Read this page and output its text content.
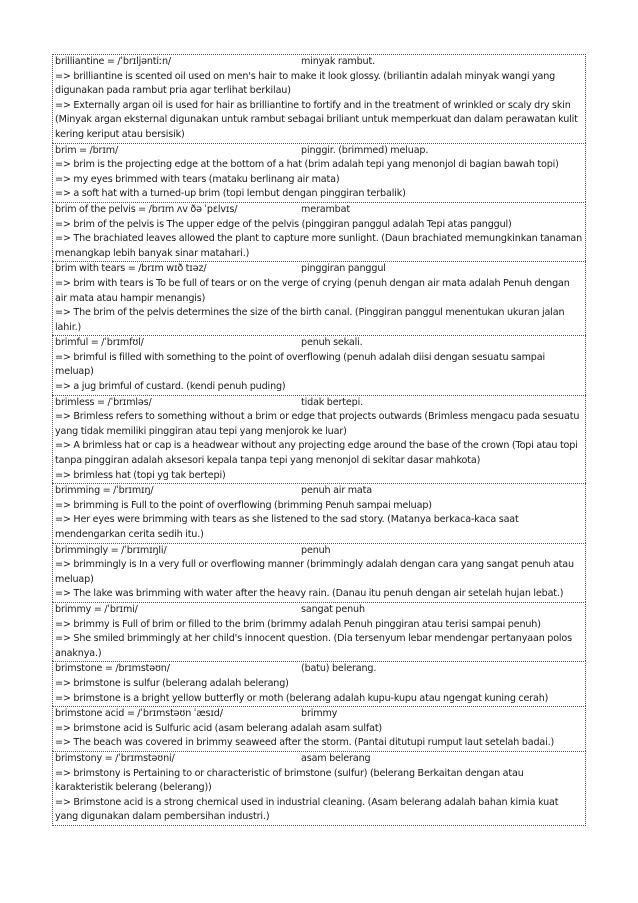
brilliantine = /ˈbrɪljəntiːn/	minyak rambut.

=> brilliantine is scented oil used on men's hair to make it look glossy. (briliantin adalah minyak wangi yang digunakan pada rambut pria agar terlihat berkilau)

=> Externally argan oil is used for hair as brilliantine to fortify and in the treatment of wrinkled or scaly dry skin (Minyak argan eksternal digunakan untuk rambut sebagai briliant untuk memperkuat dan dalam perawatan kulit kering keriput atau bersisik)

brim = /brɪm/	pinggir. (brimmed) meluap.

=> brim is the projecting edge at the bottom of a hat (brim adalah tepi yang menonjol di bagian bawah topi)

=> my eyes brimmed with tears (mataku berlinang air mata)

=> a soft hat with a turned-up brim (topi lembut dengan pinggiran terbalik)

brim of the pelvis = /brɪm ʌv ðə ˈpɛlvɪs/	merambat

=> brim of the pelvis is The upper edge of the pelvis (pinggiran panggul adalah Tepi atas panggul)

=> The brachiated leaves allowed the plant to capture more sunlight. (Daun brachiated memungkinkan tanaman menangkap lebih banyak sinar matahari.)

brim with tears = /brɪm wɪð tɪəz/	pinggiran panggul

=> brim with tears is To be full of tears or on the verge of crying (penuh dengan air mata adalah Penuh dengan air mata atau hampir menangis)

=> The brim of the pelvis determines the size of the birth canal. (Pinggiran panggul menentukan ukuran jalan lahir.)

brimful = /ˈbrɪmfʊl/	penuh sekali.

=> brimful is filled with something to the point of overflowing (penuh adalah diisi dengan sesuatu sampai meluap)

=> a jug brimful of custard. (kendi penuh puding)

brimless = /ˈbrɪmləs/	tidak bertepi.

=> Brimless refers to something without a brim or edge that projects outwards (Brimless mengacu pada sesuatu yang tidak memiliki pinggiran atau tepi yang menjorok ke luar)

=> A brimless hat or cap is a headwear without any projecting edge around the base of the crown (Topi atau topi tanpa pinggiran adalah aksesori kepala tanpa tepi yang menonjol di sekitar dasar mahkota)

=> brimless hat (topi yg tak bertepi)

brimming = /ˈbrɪmɪŋ/	penuh air mata

=> brimming is Full to the point of overflowing (brimming Penuh sampai meluap)

=> Her eyes were brimming with tears as she listened to the sad story. (Matanya berkaca-kaca saat mendengarkan cerita sedih itu.)

brimmingly = /ˈbrɪmɪŋli/	penuh

=> brimmingly is In a very full or overflowing manner (brimmingly adalah dengan cara yang sangat penuh atau meluap)

=> The lake was brimming with water after the heavy rain. (Danau itu penuh dengan air setelah hujan lebat.)

brimmy = /ˈbrɪmi/	sangat penuh

=> brimmy is Full of brim or filled to the brim (brimmy adalah Penuh pinggiran atau terisi sampai penuh)

=> She smiled brimmingly at her child's innocent question. (Dia tersenyum lebar mendengar pertanyaan polos anaknya.)

brimstone = /brɪmstəʊn/	(batu) belerang.

=> brimstone is sulfur (belerang adalah belerang)

=> brimstone is a bright yellow butterfly or moth (belerang adalah kupu-kupu atau ngengat kuning cerah)

brimstone acid = /ˈbrɪmstəʊn ˈæsɪd/	brimmy

=> brimstone acid is Sulfuric acid (asam belerang adalah asam sulfat)

=> The beach was covered in brimmy seaweed after the storm. (Pantai ditutupi rumput laut setelah badai.)

brimstony = /ˈbrɪmstəʊni/	asam belerang

=> brimstony is Pertaining to or characteristic of brimstone (sulfur) (belerang Berkaitan dengan atau karakteristik belerang (belerang))

=> Brimstone acid is a strong chemical used in industrial cleaning. (Asam belerang adalah bahan kimia kuat yang digunakan dalam pembersihan industri.)
